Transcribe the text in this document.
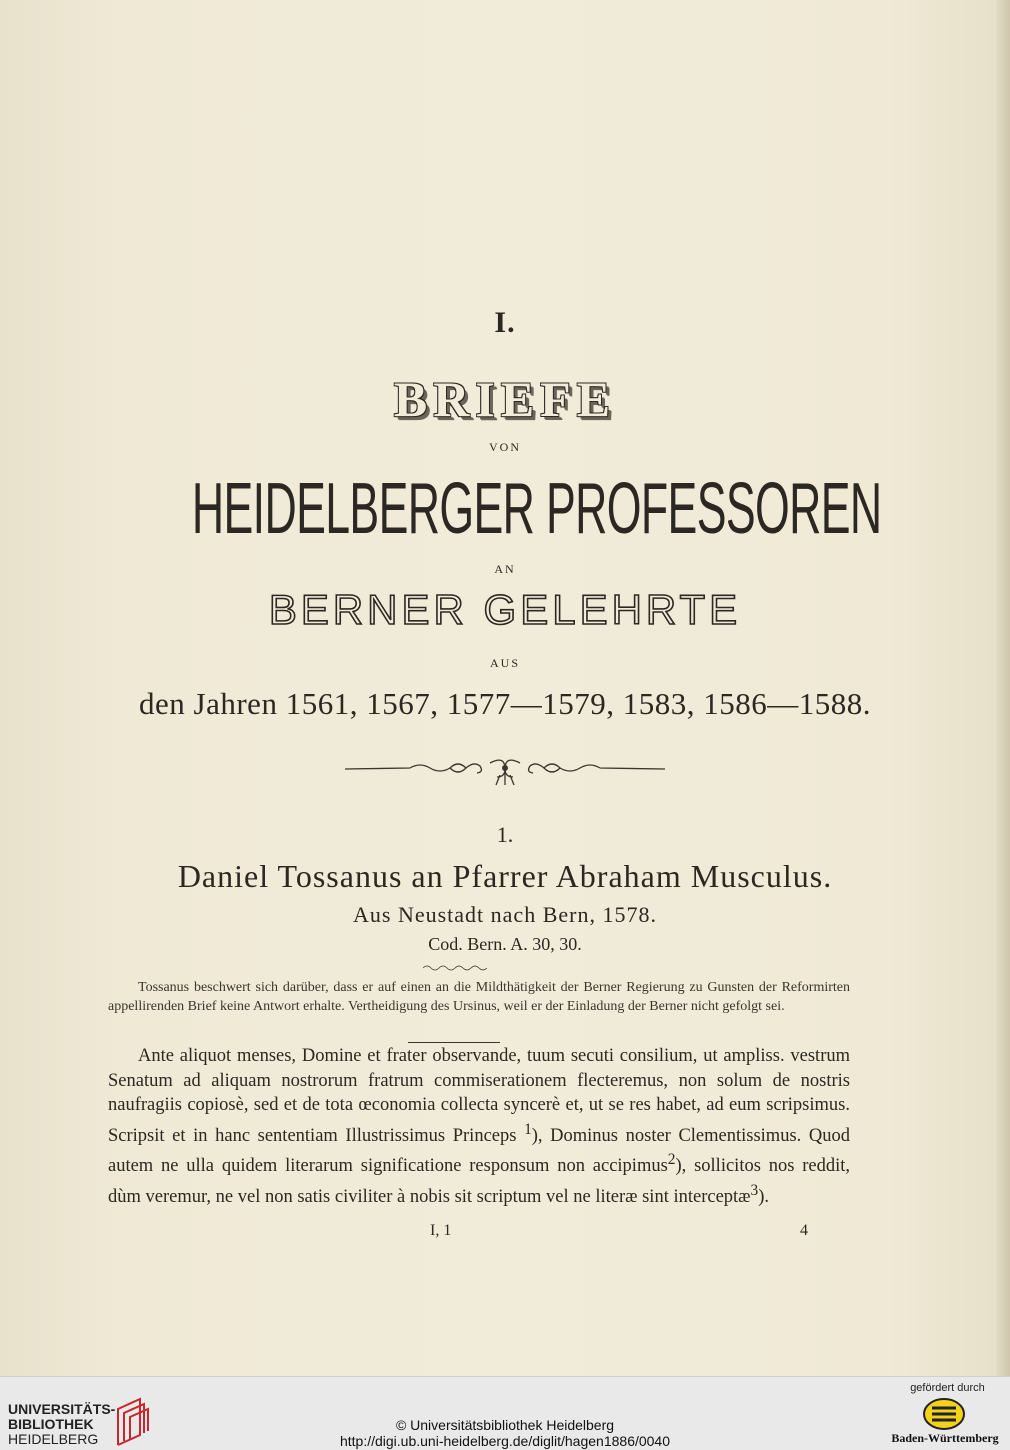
I.
BRIEFE
VON
HEIDELBERGER PROFESSOREN
AN
BERNER GELEHRTE
AUS
den Jahren 1561, 1567, 1577—1579, 1583, 1586—1588.
1.
Daniel Tossanus an Pfarrer Abraham Musculus.
Aus Neustadt nach Bern, 1578.
Cod. Bern. A. 30, 30.
Tossanus beschwert sich darüber, dass er auf einen an die Mildthätigkeit der Berner Regierung zu Gunsten der Reformirten appellirenden Brief keine Antwort erhalte. Vertheidigung des Ursinus, weil er der Einladung der Berner nicht gefolgt sei.
Ante aliquot menses, Domine et frater observande, tuum secuti consilium, ut ampliss. vestrum Senatum ad aliquam nostrorum fratrum commiserationem flecteremus, non solum de nostris naufragiis copiosè, sed et de tota œconomia collecta syncerè et, ut se res habet, ad eum scripsimus. Scripsit et in hanc sententiam Illustrissimus Princeps $^1$), Dominus noster Clementissimus. Quod autem ne ulla quidem literarum significatione responsum non accipimus$^2$), sollicitos nos reddit, dùm veremur, ne vel non satis civiliter à nobis sit scriptum vel ne literæ sint interceptæ$^3$).
I, 1	4
UNIVERSITÄTS-
BIBLIOTHEK
HEIDELBERG
© Universitätsbibliothek Heidelberg
http://digi.ub.uni-heidelberg.de/diglit/hagen1886/0040
gefördert durch
Baden-Württemberg
